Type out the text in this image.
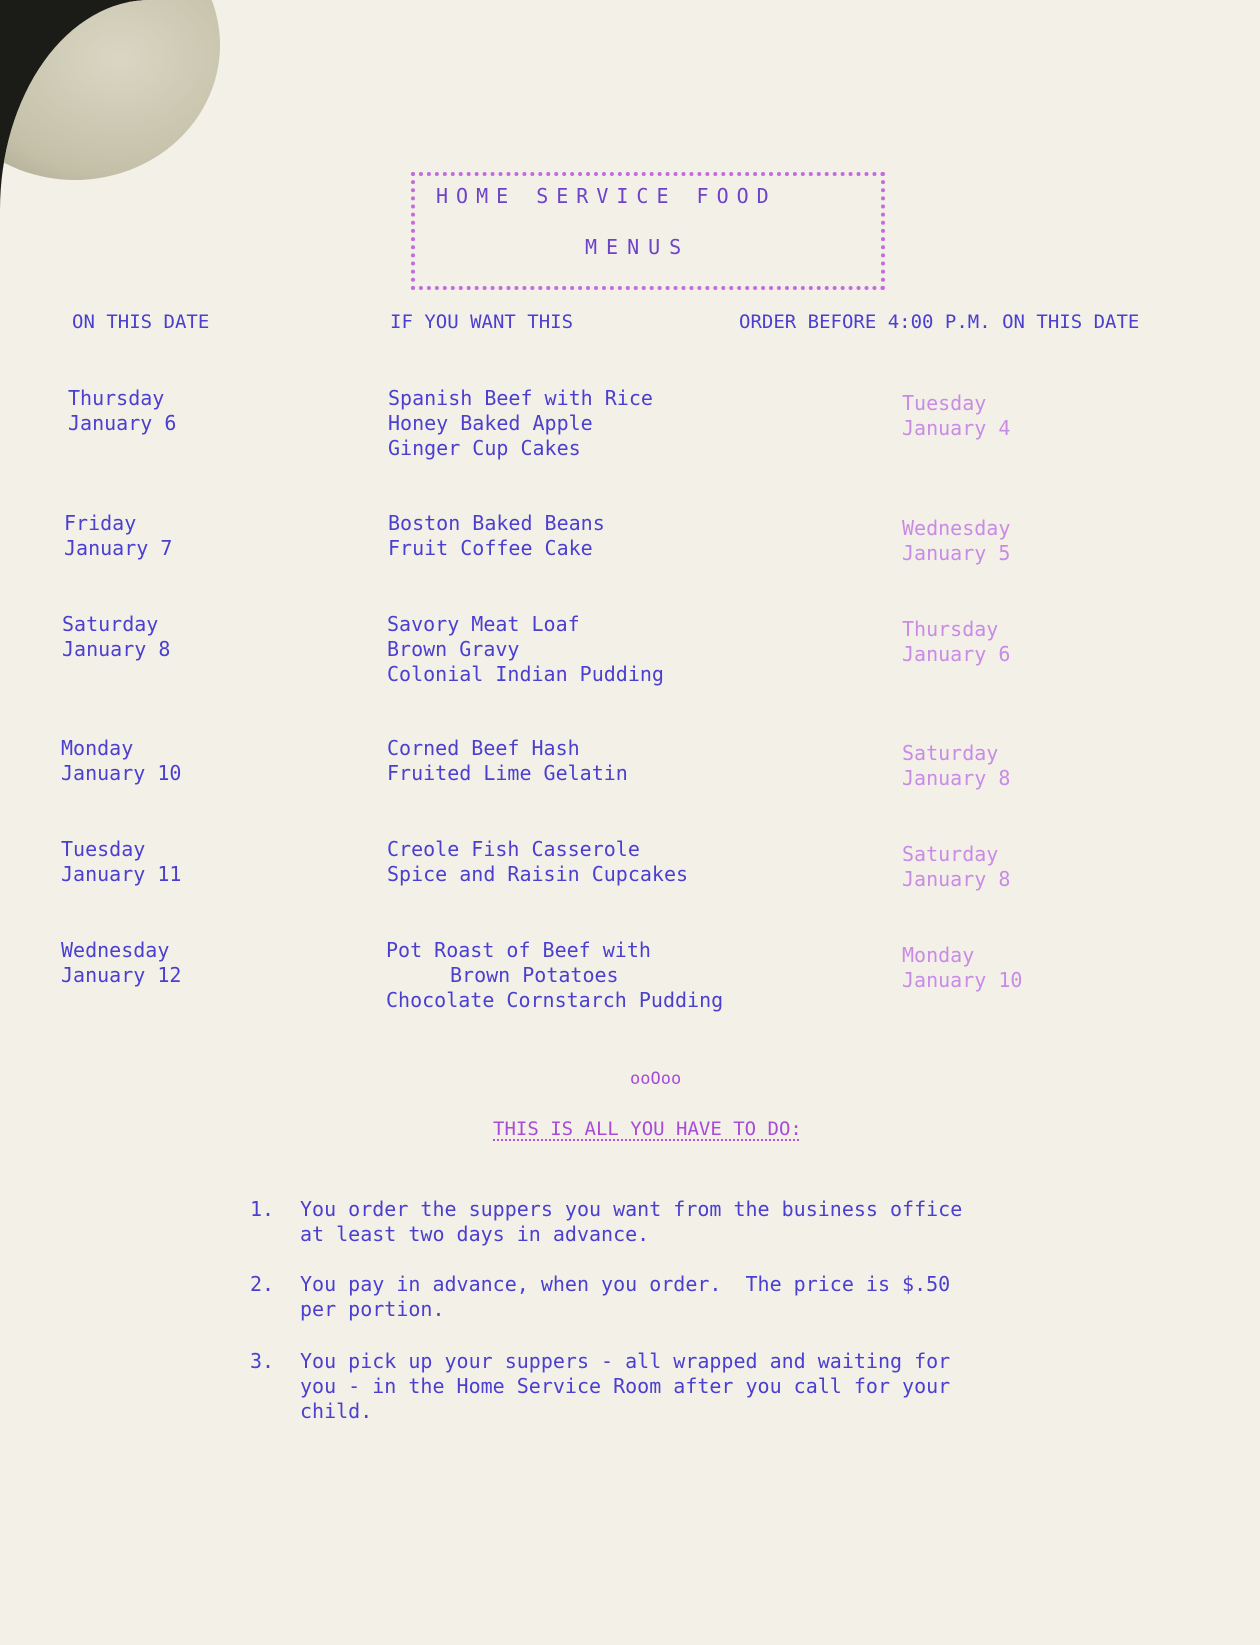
HOME SERVICE FOOD
MENUS
ON THIS DATE	IF YOU WANT THIS	ORDER BEFORE 4:00 P.M. ON THIS DATE
Thursday
January 6
Spanish Beef with Rice
Honey Baked Apple
Ginger Cup Cakes
Tuesday
January 4
Friday
January 7
Boston Baked Beans
Fruit Coffee Cake
Wednesday
January 5
Saturday
January 8
Savory Meat Loaf
Brown Gravy
Colonial Indian Pudding
Thursday
January 6
Monday
January 10
Corned Beef Hash
Fruited Lime Gelatin
Saturday
January 8
Tuesday
January 11
Creole Fish Casserole
Spice and Raisin Cupcakes
Saturday
January 8
Wednesday
January 12
Pot Roast of Beef with
Brown Potatoes
Chocolate Cornstarch Pudding
Monday
January 10
ooOoo
THIS IS ALL YOU HAVE TO DO:
1. You order the suppers you want from the business office
at least two days in advance.
2. You pay in advance, when you order.  The price is $.50
per portion.
3. You pick up your suppers - all wrapped and waiting for
you - in the Home Service Room after you call for your
child.
